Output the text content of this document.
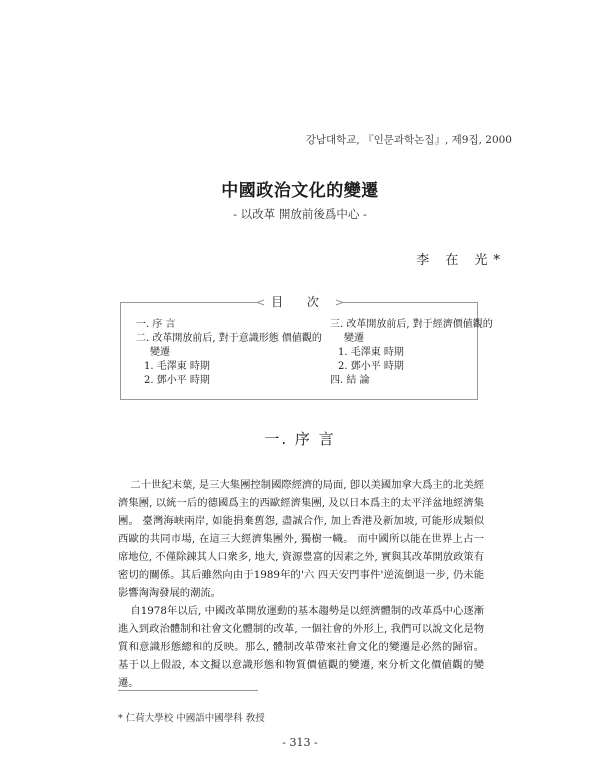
강남대학교, 『인문과학논집』, 제9집, 2000
中國政治文化的變遷
- 以改革 開放前後爲中心 -
李 在 光*
< 目 次 >
一. 序 言
二. 改革開放前后, 對于意識形態 價値觀的
變遷
1. 毛澤東 時期
2. 鄧小平 時期
三. 改革開放前后, 對于經濟價値觀的
變遷
1. 毛澤東 時期
2. 鄧小平 時期
四. 結 論
一. 序 言

二十世紀末葉, 是三大集團控制國際經濟的局面, 卽以美國加拿大爲主的北美經濟集團, 以統一后的德國爲主的西歐經濟集團, 及以日本爲主的太平洋盆地經濟集團。 臺灣海峡兩岸, 如能捐棄舊怨, 盡誠合作, 加上香港及新加坡, 可能形成類似西歐的共同市場, 在這三大經濟集團外, 獨樹一幟。 而中國所以能在世界上占一席地位, 不僅除錬其人口衆多, 地大, 資源豊富的因素之外, 實與其改革開放政策有密切的關係。其后雖然向由于1989年的'六 四天安門事件'逆流倒退一步, 仍未能影響淘淘發展的潮流。

自1978年以后, 中國改革開放運動的基本趨勢是以經濟體制的改革爲中心逐漸進入到政治體制和社會文化體制的改革, 一個社會的外形上, 我們可以說文化是物質和意識形態總和的反映。那么, 體制改革帶來社會文化的變遷是必然的歸宿。基于以上假設, 本文擬以意識形態和物質價値觀的變遷, 來分析文化價値觀的變遷。

* 仁荷大學校 中國語中國學科 敎授
- 313 -
